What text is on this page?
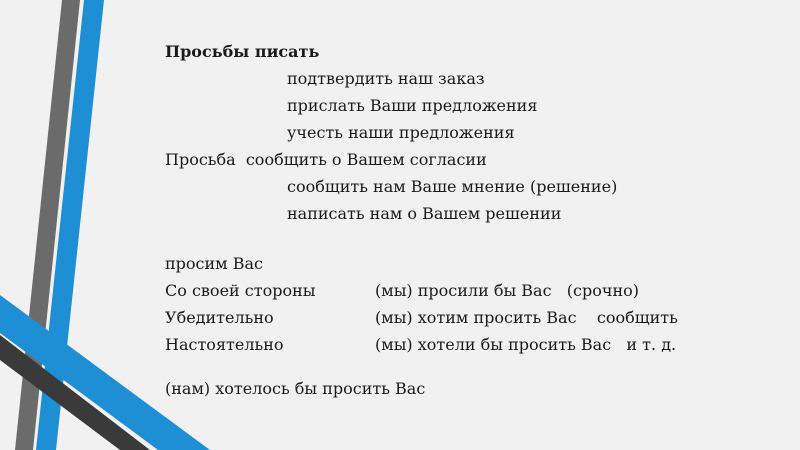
Просьбы писать
подтвердить наш заказ
прислать Ваши предложения
учесть наши предложения
Просьба  сообщить о Вашем согласии
сообщить нам Ваше мнение (решение)
написать нам о Вашем решении
просим Вас
Со своей стороны	(мы) просили бы Вас   (срочно)
Убедительно	(мы) хотим просить Вас    сообщить
Настоятельно	(мы) хотели бы просить Вас   и т. д.
(нам) хотелось бы просить Вас
